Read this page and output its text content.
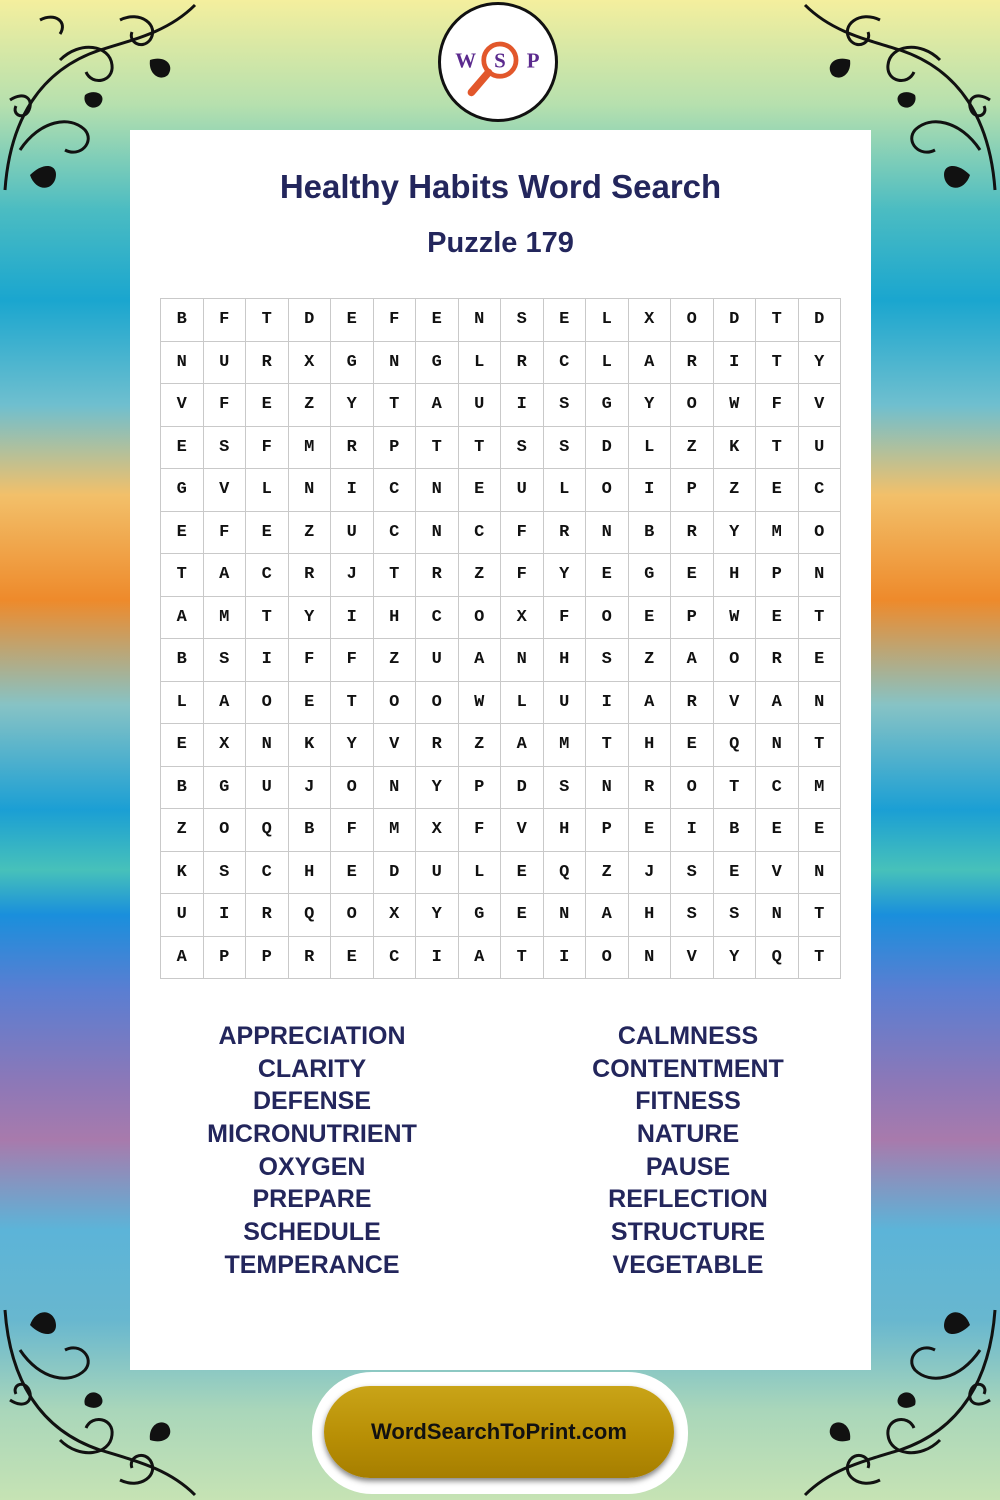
W S P
Healthy Habits Word Search
Puzzle 179
B	F	T	D	E	F	E	N	S	E	L	X	O	D	T	D
N	U	R	X	G	N	G	L	R	C	L	A	R	I	T	Y
V	F	E	Z	Y	T	A	U	I	S	G	Y	O	W	F	V
E	S	F	M	R	P	T	T	S	S	D	L	Z	K	T	U
G	V	L	N	I	C	N	E	U	L	O	I	P	Z	E	C
E	F	E	Z	U	C	N	C	F	R	N	B	R	Y	M	O
T	A	C	R	J	T	R	Z	F	Y	E	G	E	H	P	N
A	M	T	Y	I	H	C	O	X	F	O	E	P	W	E	T
B	S	I	F	F	Z	U	A	N	H	S	Z	A	O	R	E
L	A	O	E	T	O	O	W	L	U	I	A	R	V	A	N
E	X	N	K	Y	V	R	Z	A	M	T	H	E	Q	N	T
B	G	U	J	O	N	Y	P	D	S	N	R	O	T	C	M
Z	O	Q	B	F	M	X	F	V	H	P	E	I	B	E	E
K	S	C	H	E	D	U	L	E	Q	Z	J	S	E	V	N
U	I	R	Q	O	X	Y	G	E	N	A	H	S	S	N	T
A	P	P	R	E	C	I	A	T	I	O	N	V	Y	Q	T
APPRECIATION
CLARITY
DEFENSE
MICRONUTRIENT
OXYGEN
PREPARE
SCHEDULE
TEMPERANCE
CALMNESS
CONTENTMENT
FITNESS
NATURE
PAUSE
REFLECTION
STRUCTURE
VEGETABLE
WordSearchToPrint.com
